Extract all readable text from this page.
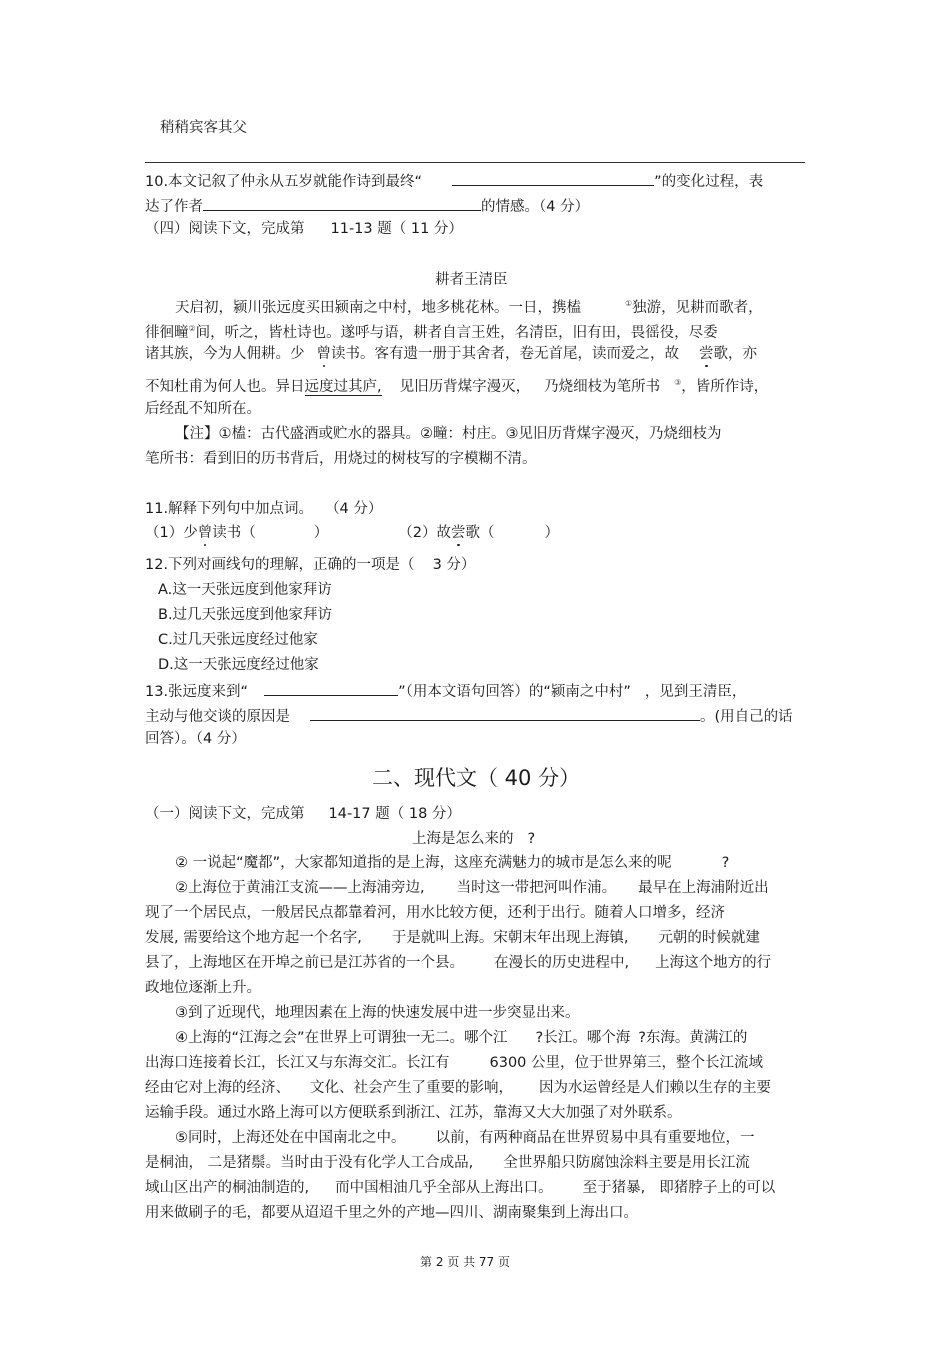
稍稍宾客其父
10.本文记叙了仲永从五岁就能作诗到最终“	”的变化过程，表
达了作者	的情感。（4 分）
（四）阅读下文，完成第 11-13 题（ 11 分）
耕者王清臣
天启初，颍川张远度买田颍南之中村，地多桃花林。一日，携榼	①独游，见耕而歌者，
徘徊疃②间，听之，皆杜诗也。遂呼与语，耕者自言王姓，名清臣，旧有田，畏徭役，尽委
诸其族，今为人佣耕。少 曾读书。客有遗一册于其舍者，卷无首尾，读而爱之，故 尝歌，亦
不知杜甫为何人也。异日远度过其庐, 见旧历背煤字漫灭， 乃烧细枝为笔所书 ③，皆所作诗，
后经乱不知所在。
【注】①榼：古代盛酒或贮水的器具。②疃：村庄。③见旧历背煤字漫灭，乃烧细枝为
笔所书：看到旧的历书背后，用烧过的树枝写的字模糊不清。
11.解释下列句中加点词。 （4 分）
（1）少曾读书（	）	（2）故尝歌（	）
12.下列对画线句的理解，正确的一项是（ 3 分）
A.这一天张远度到他家拜访
B.过几天张远度到他家拜访
C.过几天张远度经过他家
D.这一天张远度经过他家
13.张远度来到“	”（用本文语句回答）的“颍南之中村” ，见到王清臣，
主动与他交谈的原因是	。(用自己的话
回答）。（4 分）
二、现代文（ 40 分）
（一）阅读下文，完成第 14-17 题（ 18 分）
上海是怎么来的 ?
② 一说起“魔都”，大家都知道指的是上海，这座充满魅力的城市是怎么来的呢	?
②上海位于黄浦江支流——上海浦旁边, 当时这一带把河叫作浦。 最早在上海浦附近出
现了一个居民点，一般居民点都靠着河，用水比较方便，还利于出行。随着人口增多，经济
发展, 需要给这个地方起一个名字, 于是就叫上海。宋朝末年出现上海镇, 元朝的时候就建
县了，上海地区在开埠之前已是江苏省的一个县。 在漫长的历史进程中, 上海这个地方的行
政地位逐渐上升。
③到了近现代，地理因素在上海的快速发展中进一步突显出来。
④上海的“江海之会”在世界上可谓独一无二。哪个江 ?长江。哪个海 ?东海。黄满江的
出海口连接着长江，长江又与东海交汇。长江有	6300 公里，位于世界第三，整个长江流域
经由它对上海的经济、 文化、社会产生了重要的影响， 因为水运曾经是人们赖以生存的主要
运输手段。通过水路上海可以方便联系到浙江、江苏，靠海又大大加强了对外联系。
⑤同时，上海还处在中国南北之中。 以前，有两种商品在世界贸易中具有重要地位，一
是桐油， 二是猪鬃。当时由于没有化学人工合成品, 全世界船只防腐蚀涂料主要是用长江流
域山区出产的桐油制造的, 而中国相油几乎全部从上海出口。 至于猪暴, 即猪脖子上的可以
用来做刷子的毛，都要从迢迢千里之外的产地—四川、湖南聚集到上海出口。
第 2 页 共 77 页
